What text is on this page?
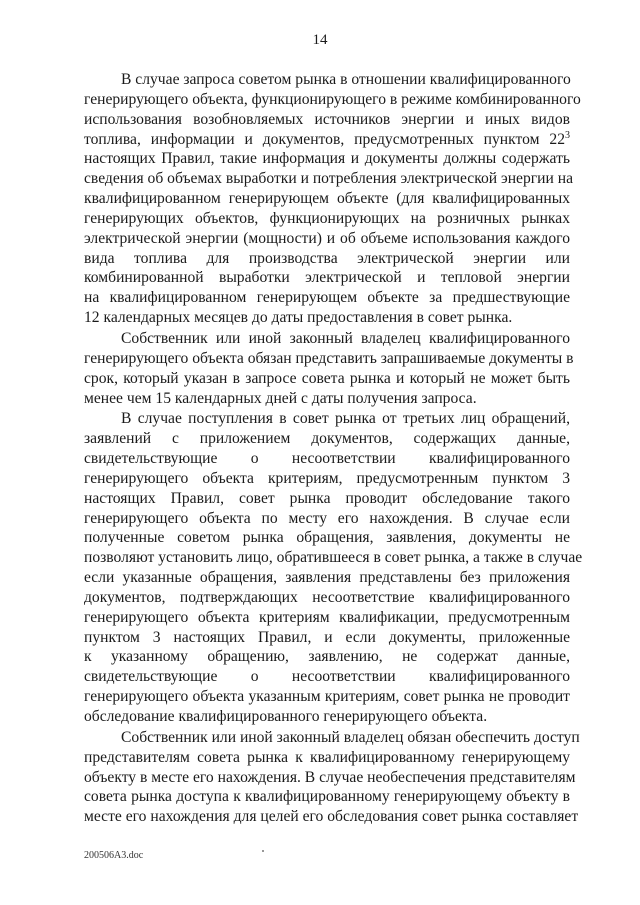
14
В случае запроса советом рынка в отношении квалифицированного
генерирующего объекта, функционирующего в режиме комбинированного
использования возобновляемых источников энергии и иных видов
топлива, информации и документов, предусмотренных пунктом $22^3$
настоящих Правил, такие информация и документы должны содержать
сведения об объемах выработки и потребления электрической энергии на
квалифицированном генерирующем объекте (для квалифицированных
генерирующих объектов, функционирующих на розничных рынках
электрической энергии (мощности) и об объеме использования каждого
вида топлива для производства электрической энергии или
комбинированной выработки электрической и тепловой энергии
на квалифицированном генерирующем объекте за предшествующие
12 календарных месяцев до даты предоставления в совет рынка.
Собственник или иной законный владелец квалифицированного
генерирующего объекта обязан представить запрашиваемые документы в
срок, который указан в запросе совета рынка и который не может быть
менее чем 15 календарных дней с даты получения запроса.
В случае поступления в совет рынка от третьих лиц обращений,
заявлений с приложением документов, содержащих данные,
свидетельствующие о несоответствии квалифицированного
генерирующего объекта критериям, предусмотренным пунктом 3
настоящих Правил, совет рынка проводит обследование такого
генерирующего объекта по месту его нахождения. В случае если
полученные советом рынка обращения, заявления, документы не
позволяют установить лицо, обратившееся в совет рынка, а также в случае
если указанные обращения, заявления представлены без приложения
документов, подтверждающих несоответствие квалифицированного
генерирующего объекта критериям квалификации, предусмотренным
пунктом 3 настоящих Правил, и если документы, приложенные
к указанному обращению, заявлению, не содержат данные,
свидетельствующие о несоответствии квалифицированного
генерирующего объекта указанным критериям, совет рынка не проводит
обследование квалифицированного генерирующего объекта.
Собственник или иной законный владелец обязан обеспечить доступ
представителям совета рынка к квалифицированному генерирующему
объекту в месте его нахождения. В случае необеспечения представителям
совета рынка доступа к квалифицированному генерирующему объекту в
месте его нахождения для целей его обследования совет рынка составляет
200506A3.doc
